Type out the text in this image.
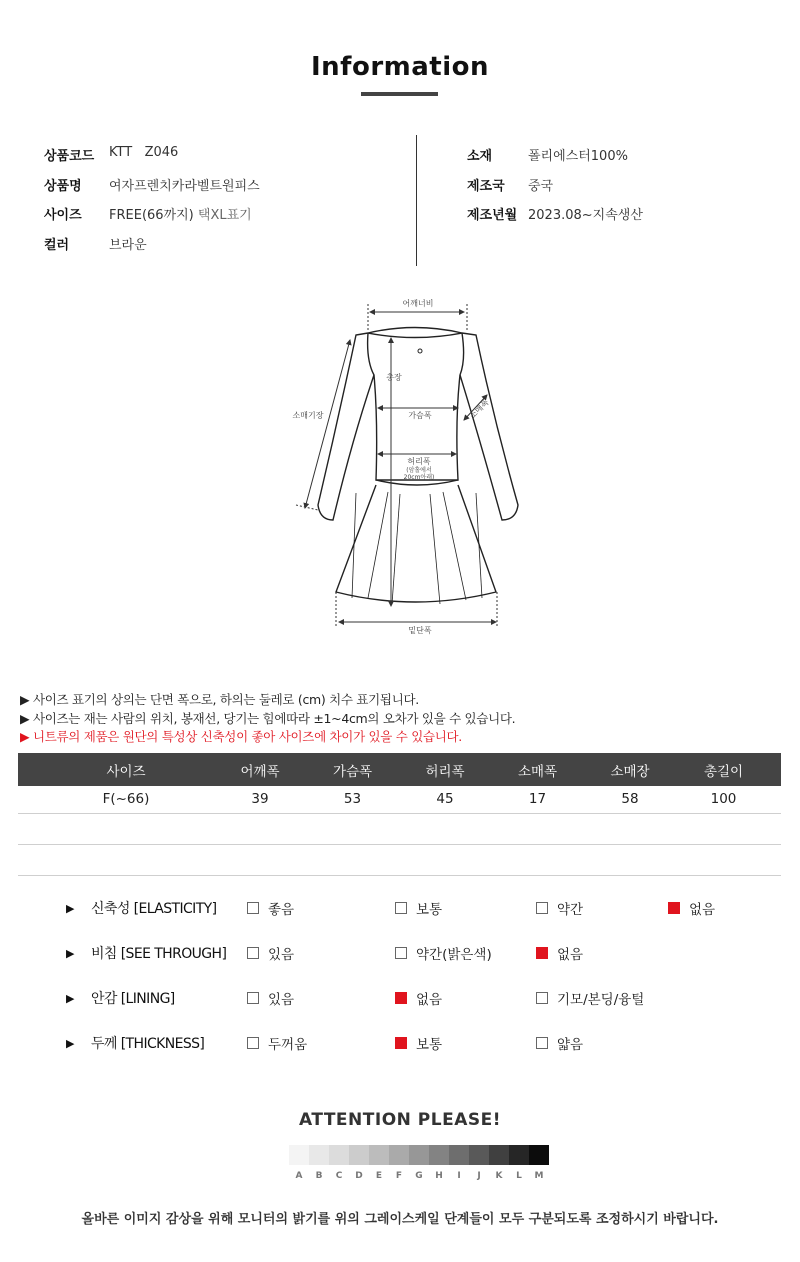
Information
상품코드	KTT   Z046
상품명	여자프렌치카라벨트원피스
사이즈	FREE(66까지) 택XL표기
컬러	브라운
소재	폴리에스터100%
제조국	중국
제조년월 2023.08~지속생산
어깨너비
총장
소매기장	가슴폭	소매폭
허리폭
(암홀에서
20cm아래)
밑단폭
▶ 사이즈 표기의 상의는 단면 폭으로, 하의는 둘레로 (cm) 치수 표기됩니다.
▶ 사이즈는 재는 사람의 위치, 봉재선, 당기는 힘에따라 ±1~4cm의 오차가 있을 수 있습니다.
▶ 니트류의 제품은 원단의 특성상 신축성이 좋아 사이즈에 차이가 있을 수 있습니다.
	사이즈	어깨폭	가슴폭	허리폭	소매폭	소매장	총길이	
	F(~66)	39	53	45	17	58	100	

▶ 신축성 [ELASTICITY]	좋음	보통	약간	없음
▶ 비침 [SEE THROUGH]	있음	약간(밝은색)	없음
▶ 안감 [LINING]	있음	없음	기모/본딩/융털
▶ 두께 [THICKNESS]	두꺼움	보통	얇음
ATTENTION PLEASE!
A	B	C	D	E	F	G	H	I	J	K	L	M
올바른 이미지 감상을 위해 모니터의 밝기를 위의 그레이스케일 단계들이 모두 구분되도록 조정하시기 바랍니다.
